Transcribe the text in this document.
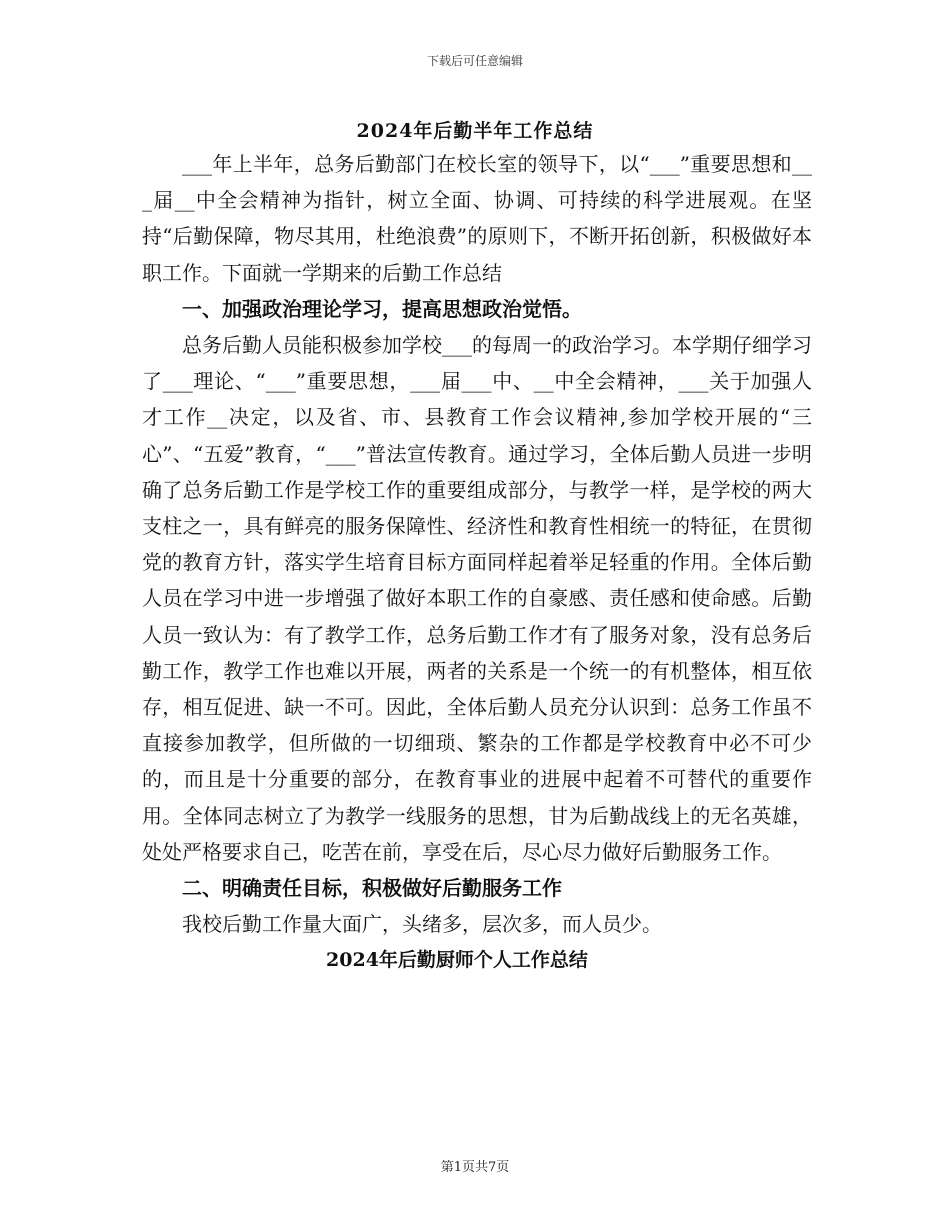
下载后可任意编辑
2024年后勤半年工作总结

___年上半年，总务后勤部门在校长室的领导下，以“___”重要思想和___届__中全会精神为指针，树立全面、协调、可持续的科学进展观。在坚持“后勤保障，物尽其用，杜绝浪费”的原则下，不断开拓创新，积极做好本职工作。下面就一学期来的后勤工作总结

一、加强政治理论学习，提高思想政治觉悟。

总务后勤人员能积极参加学校___的每周一的政治学习。本学期仔细学习了___理论、“___”重要思想，___届___中、__中全会精神，___关于加强人才工作__决定，以及省、市、县教育工作会议精神,参加学校开展的“三心”、“五爱”教育，“___”普法宣传教育。通过学习，全体后勤人员进一步明确了总务后勤工作是学校工作的重要组成部分，与教学一样，是学校的两大支柱之一，具有鲜亮的服务保障性、经济性和教育性相统一的特征，在贯彻党的教育方针，落实学生培育目标方面同样起着举足轻重的作用。全体后勤人员在学习中进一步增强了做好本职工作的自豪感、责任感和使命感。后勤人员一致认为：有了教学工作，总务后勤工作才有了服务对象，没有总务后勤工作，教学工作也难以开展，两者的关系是一个统一的有机整体，相互依存，相互促进、缺一不可。因此，全体后勤人员充分认识到：总务工作虽不直接参加教学，但所做的一切细琐、繁杂的工作都是学校教育中必不可少的，而且是十分重要的部分，在教育事业的进展中起着不可替代的重要作用。全体同志树立了为教学一线服务的思想，甘为后勤战线上的无名英雄，处处严格要求自己，吃苦在前，享受在后，尽心尽力做好后勤服务工作。

二、明确责任目标，积极做好后勤服务工作

我校后勤工作量大面广，头绪多，层次多，而人员少。

2024年后勤厨师个人工作总结

第1页共7页
